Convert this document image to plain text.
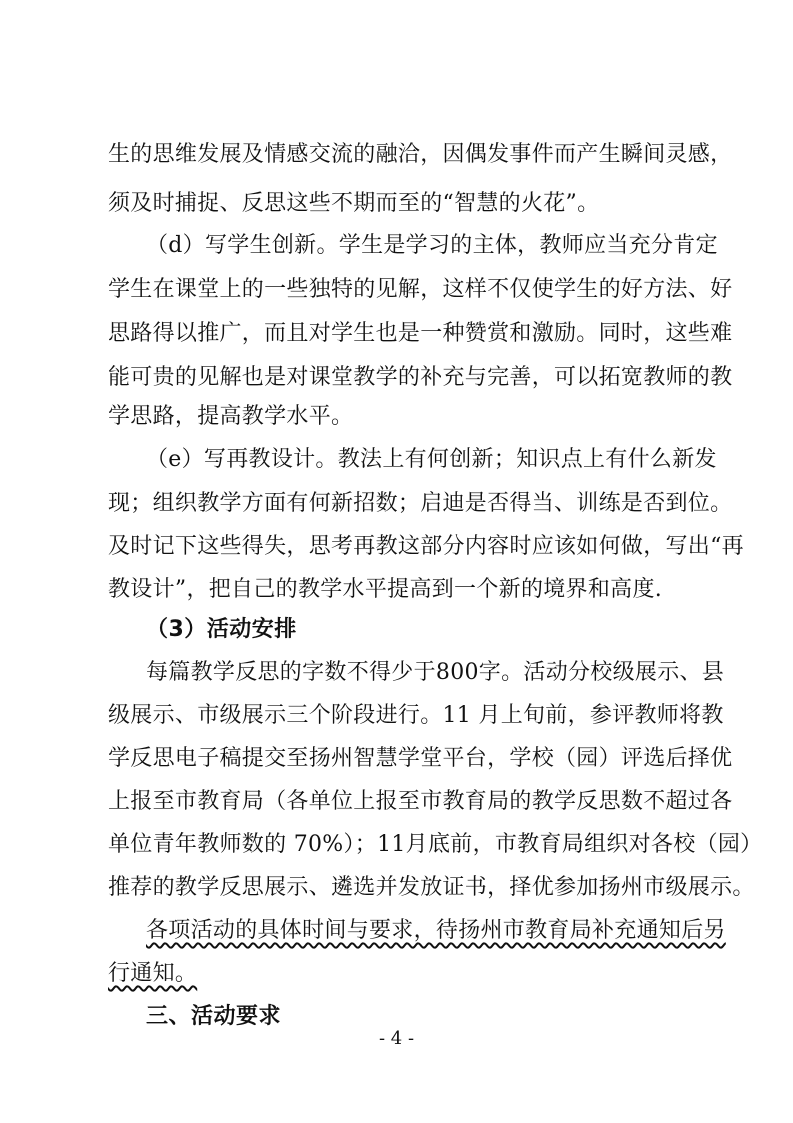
生的思维发展及情感交流的融洽，因偶发事件而产生瞬间灵感，
须及时捕捉、反思这些不期而至的“智慧的火花”。
（d）写学生创新。学生是学习的主体，教师应当充分肯定
学生在课堂上的一些独特的见解，这样不仅使学生的好方法、好
思路得以推广，而且对学生也是一种赞赏和激励。同时，这些难
能可贵的见解也是对课堂教学的补充与完善，可以拓宽教师的教
学思路，提高教学水平。
（e）写再教设计。教法上有何创新；知识点上有什么新发
现；组织教学方面有何新招数；启迪是否得当、训练是否到位。
及时记下这些得失，思考再教这部分内容时应该如何做，写出“再
教设计”，把自己的教学水平提高到一个新的境界和高度.
（3）活动安排
每篇教学反思的字数不得少于800字。活动分校级展示、县
级展示、市级展示三个阶段进行。11 月上旬前，参评教师将教
学反思电子稿提交至扬州智慧学堂平台，学校（园）评选后择优
上报至市教育局（各单位上报至市教育局的教学反思数不超过各
单位青年教师数的 70%）；11月底前，市教育局组织对各校（园）
推荐的教学反思展示、遴选并发放证书，择优参加扬州市级展示。
各项活动的具体时间与要求，待扬州市教育局补充通知后另
行通知。
三、活动要求
- 4 -
